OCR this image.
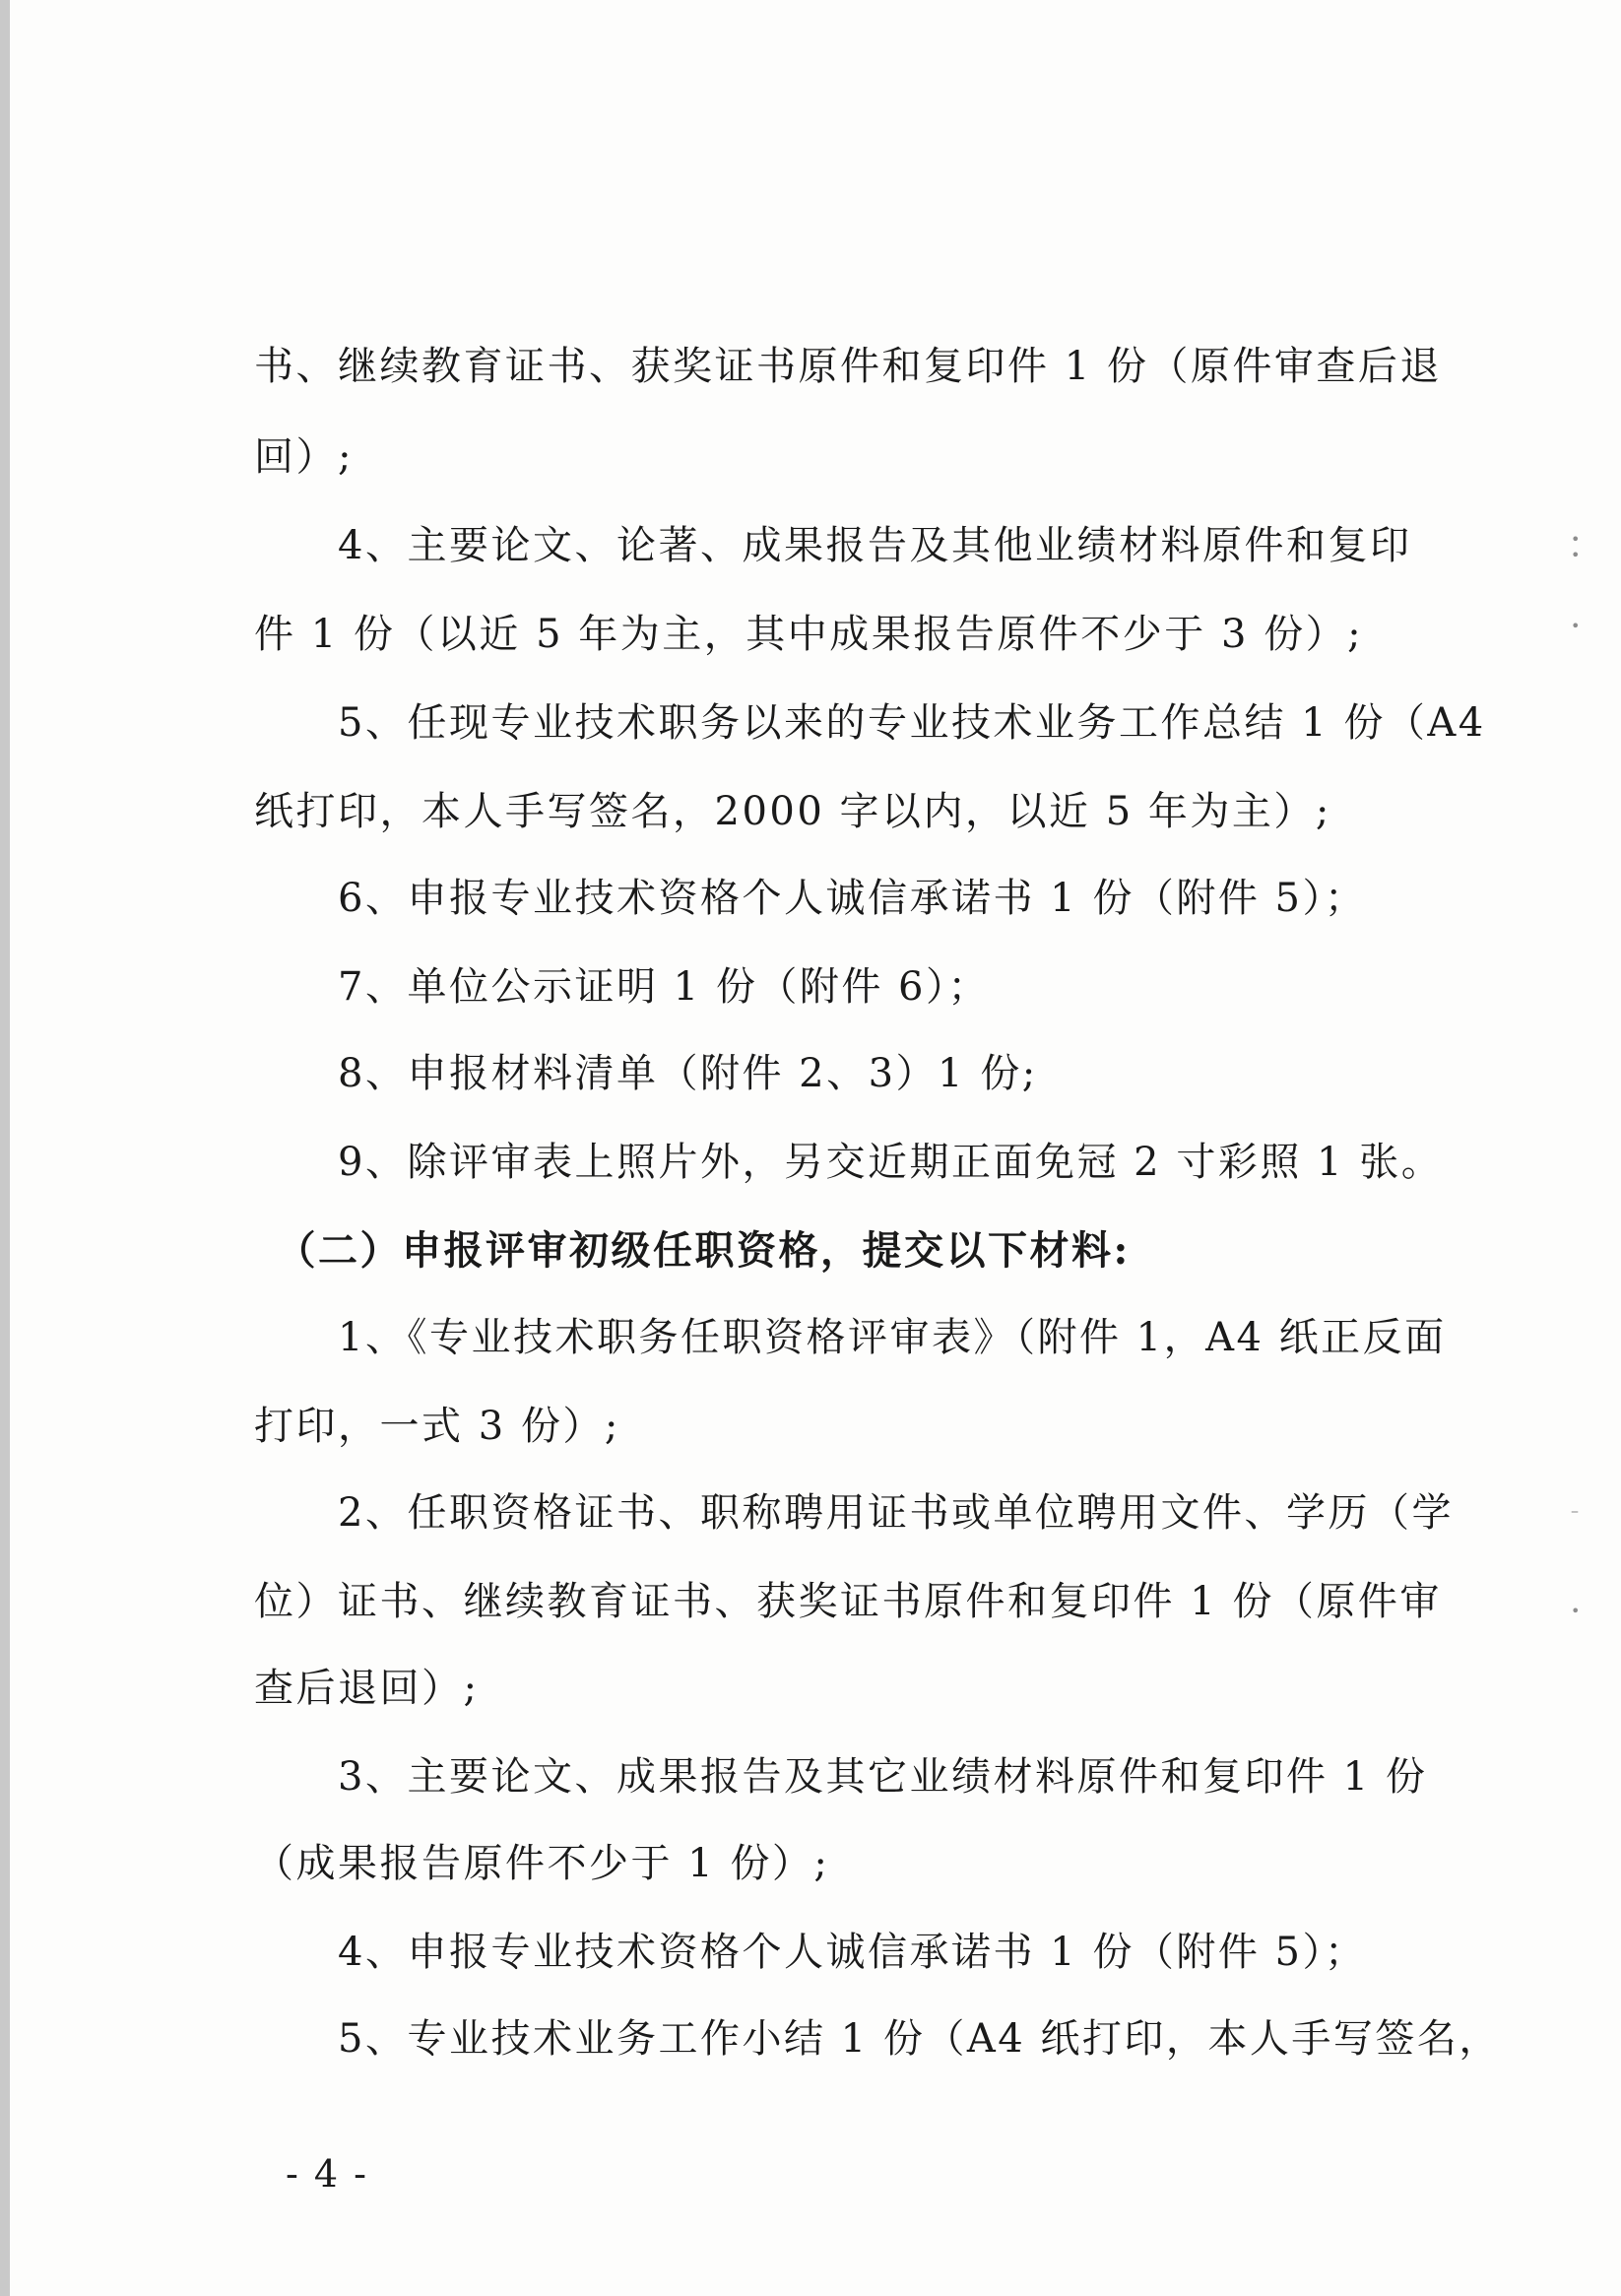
书、继续教育证书、获奖证书原件和复印件 1 份（原件审查后退
回）;
　　4、主要论文、论著、成果报告及其他业绩材料原件和复印
件 1 份（以近 5 年为主，其中成果报告原件不少于 3 份）;
　　5、任现专业技术职务以来的专业技术业务工作总结 1 份（A4
纸打印，本人手写签名，2000 字以内，以近 5 年为主）;
　　6、申报专业技术资格个人诚信承诺书 1 份（附件 5）；
　　7、单位公示证明 1 份（附件 6）；
　　8、申报材料清单（附件 2、3）1 份;
　　9、除评审表上照片外，另交近期正面免冠 2 寸彩照 1 张。
　（二）申报评审初级任职资格，提交以下材料:
　　1、《专业技术职务任职资格评审表》（附件 1，A4 纸正反面
打印，一式 3 份）;
　　2、任职资格证书、职称聘用证书或单位聘用文件、学历（学
位）证书、继续教育证书、获奖证书原件和复印件 1 份（原件审
查后退回）;
　　3、主要论文、成果报告及其它业绩材料原件和复印件 1 份
（成果报告原件不少于 1 份）;
　　4、申报专业技术资格个人诚信承诺书 1 份（附件 5）；
　　5、专业技术业务工作小结 1 份（A4 纸打印，本人手写签名，
- 4 -
•
•
•
–
•
